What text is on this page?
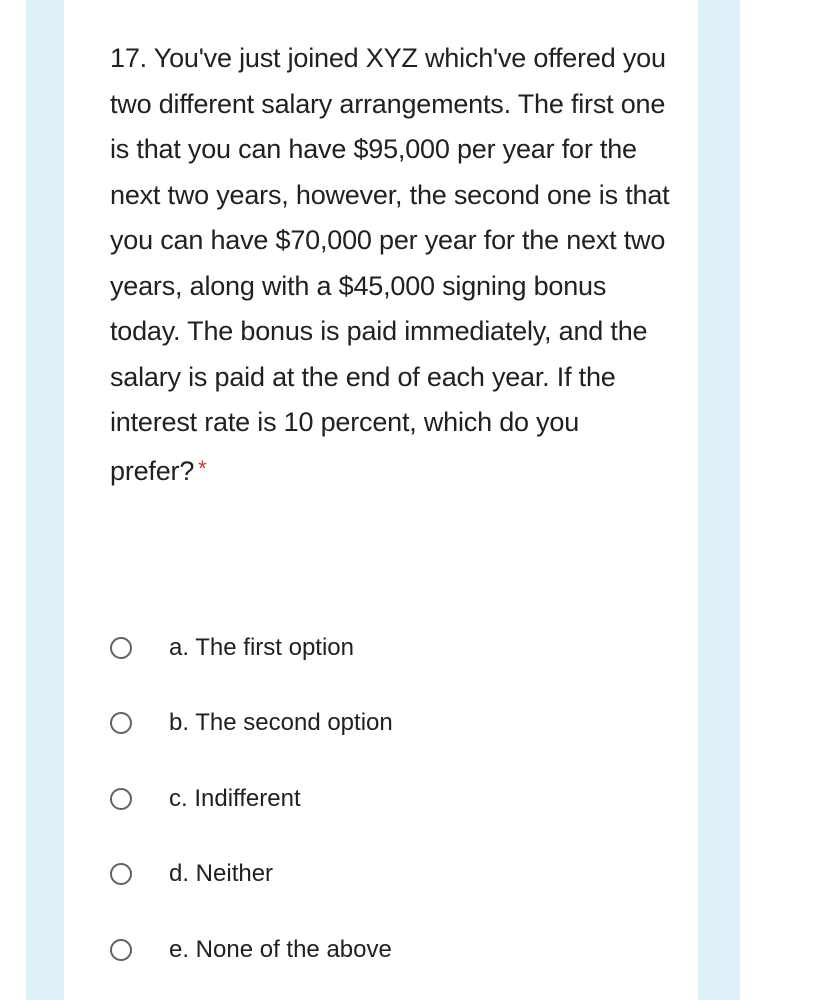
17. You've just joined XYZ which've offered you two different salary arrangements. The first one is that you can have $95,000 per year for the next two years, however, the second one is that you can have $70,000 per year for the next two years, along with a $45,000 signing bonus today. The bonus is paid immediately, and the salary is paid at the end of each year. If the interest rate is 10 percent, which do you prefer? *

a. The first option
b. The second option
c. Indifferent
d. Neither
e. None of the above
